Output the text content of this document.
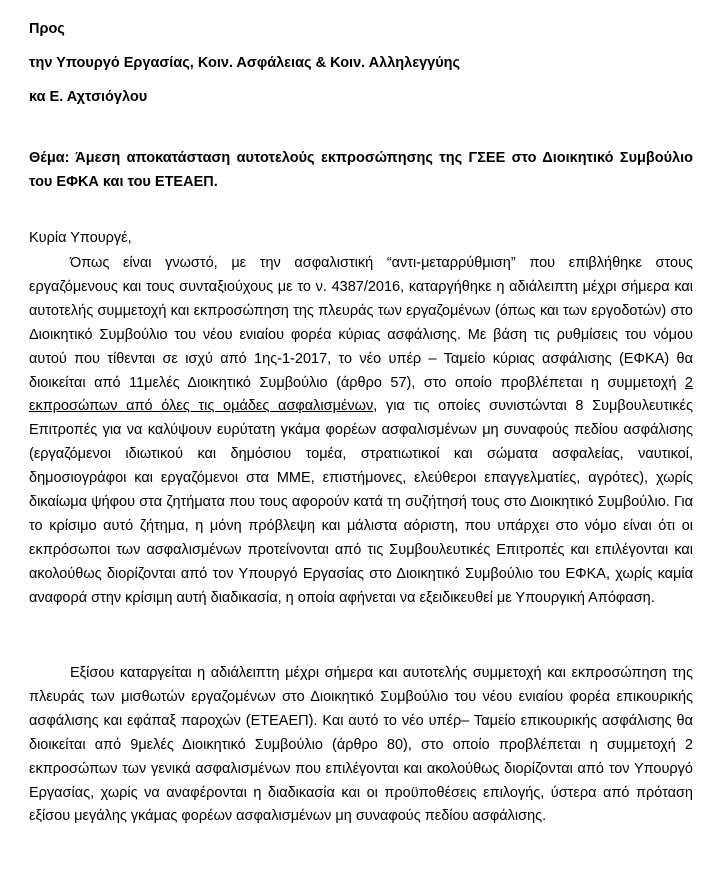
Προς
την Υπουργό Εργασίας, Κοιν. Ασφάλειας & Κοιν. Αλληλεγγύης
κα Ε. Αχτσιόγλου
Θέμα: Άμεση αποκατάσταση αυτοτελούς εκπροσώπησης της ΓΣΕΕ στο Διοικητικό Συμβούλιο του ΕΦΚΑ και του ΕΤΕΑΕΠ.
Κυρία Υπουργέ,

Όπως είναι γνωστό, με την ασφαλιστική “αντι-μεταρρύθμιση” που επιβλήθηκε στους εργαζόμενους και τους συνταξιούχους με το ν. 4387/2016, καταργήθηκε η αδιάλειπτη μέχρι σήμερα και αυτοτελής συμμετοχή και εκπροσώπηση της πλευράς των εργαζομένων (όπως και των εργοδοτών) στο Διοικητικό Συμβούλιο του νέου ενιαίου φορέα κύριας ασφάλισης. Με βάση τις ρυθμίσεις του νόμου αυτού που τίθενται σε ισχύ από 1ης-1-2017, το νέο υπέρ – Ταμείο κύριας ασφάλισης (ΕΦΚΑ) θα διοικείται από 11μελές Διοικητικό Συμβούλιο (άρθρο 57), στο οποίο προβλέπεται η συμμετοχή 2 εκπροσώπων από όλες τις ομάδες ασφαλισμένων, για τις οποίες συνιστώνται 8 Συμβουλευτικές Επιτροπές για να καλύψουν ευρύτατη γκάμα φορέων ασφαλισμένων μη συναφούς πεδίου ασφάλισης (εργαζόμενοι ιδιωτικού και δημόσιου τομέα, στρατιωτικοί και σώματα ασφαλείας, ναυτικοί, δημοσιογράφοι και εργαζόμενοι στα ΜΜΕ, επιστήμονες, ελεύθεροι επαγγελματίες, αγρότες), χωρίς δικαίωμα ψήφου στα ζητήματα που τους αφορούν κατά τη συζήτησή τους στο Διοικητικό Συμβούλιο. Για το κρίσιμο αυτό ζήτημα, η μόνη πρόβλεψη και μάλιστα αόριστη, που υπάρχει στο νόμο είναι ότι οι εκπρόσωποι των ασφαλισμένων προτείνονται από τις Συμβουλευτικές Επιτροπές και επιλέγονται και ακολούθως διορίζονται από τον Υπουργό Εργασίας στο Διοικητικό Συμβούλιο του ΕΦΚΑ, χωρίς καμία αναφορά στην κρίσιμη αυτή διαδικασία, η οποία αφήνεται να εξειδικευθεί με Υπουργική Απόφαση.

Εξίσου καταργείται η αδιάλειπτη μέχρι σήμερα και αυτοτελής συμμετοχή και εκπροσώπηση της πλευράς των μισθωτών εργαζομένων στο Διοικητικό Συμβούλιο του νέου ενιαίου φορέα επικουρικής ασφάλισης και εφάπαξ παροχών (ΕΤΕΑΕΠ). Και αυτό το νέο υπέρ– Ταμείο επικουρικής ασφάλισης θα διοικείται από 9μελές Διοικητικό Συμβούλιο (άρθρο 80), στο οποίο προβλέπεται η συμμετοχή 2 εκπροσώπων των γενικά ασφαλισμένων που επιλέγονται και ακολούθως διορίζονται από τον Υπουργό Εργασίας, χωρίς να αναφέρονται η διαδικασία και οι προϋποθέσεις επιλογής, ύστερα από πρόταση εξίσου μεγάλης γκάμας φορέων ασφαλισμένων μη συναφούς πεδίου ασφάλισης.
